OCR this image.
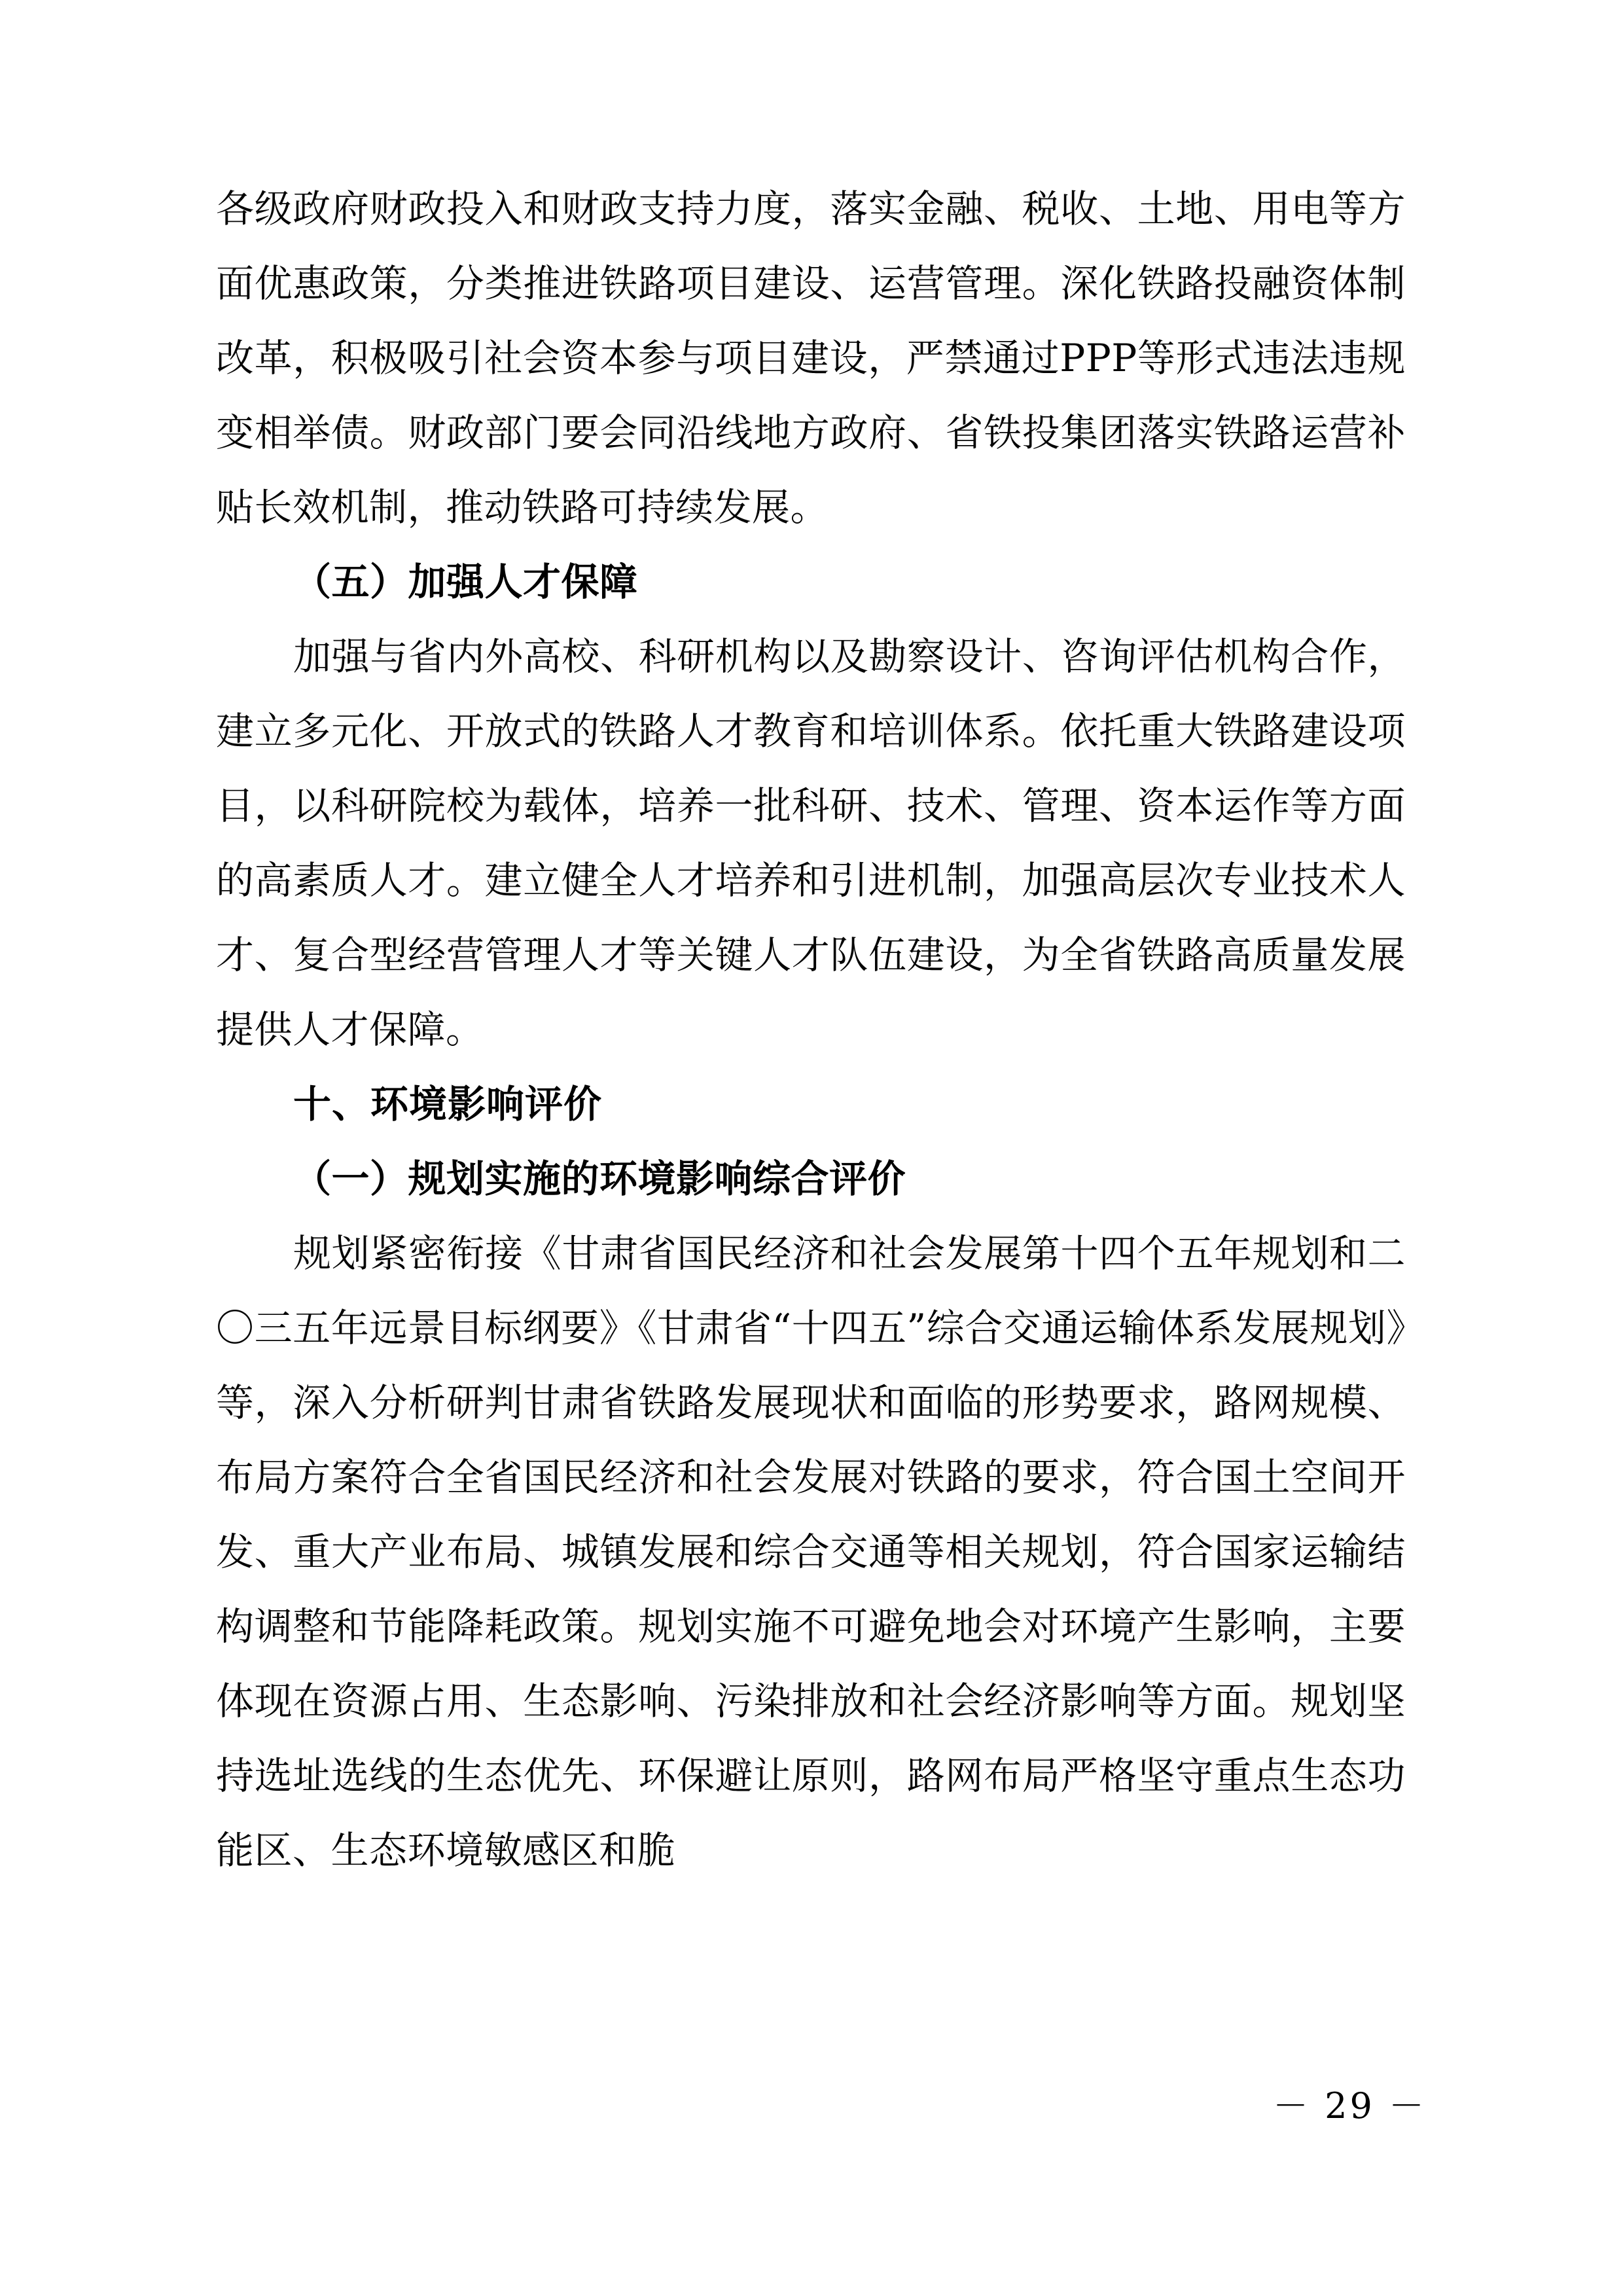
各级政府财政投入和财政支持力度，落实金融、税收、土地、用电等方面优惠政策，分类推进铁路项目建设、运营管理。深化铁路投融资体制改革，积极吸引社会资本参与项目建设，严禁通过PPP等形式违法违规变相举债。财政部门要会同沿线地方政府、省铁投集团落实铁路运营补贴长效机制，推动铁路可持续发展。

（五）加强人才保障

加强与省内外高校、科研机构以及勘察设计、咨询评估机构合作，建立多元化、开放式的铁路人才教育和培训体系。依托重大铁路建设项目，以科研院校为载体，培养一批科研、技术、管理、资本运作等方面的高素质人才。建立健全人才培养和引进机制，加强高层次专业技术人才、复合型经营管理人才等关键人才队伍建设，为全省铁路高质量发展提供人才保障。

十、环境影响评价

（一）规划实施的环境影响综合评价

规划紧密衔接《甘肃省国民经济和社会发展第十四个五年规划和二〇三五年远景目标纲要》《甘肃省“十四五”综合交通运输体系发展规划》等，深入分析研判甘肃省铁路发展现状和面临的形势要求，路网规模、布局方案符合全省国民经济和社会发展对铁路的要求，符合国土空间开发、重大产业布局、城镇发展和综合交通等相关规划，符合国家运输结构调整和节能降耗政策。规划实施不可避免地会对环境产生影响，主要体现在资源占用、生态影响、污染排放和社会经济影响等方面。规划坚持选址选线的生态优先、环保避让原则，路网布局严格坚守重点生态功能区、生态环境敏感区和脆

－ 29 －
